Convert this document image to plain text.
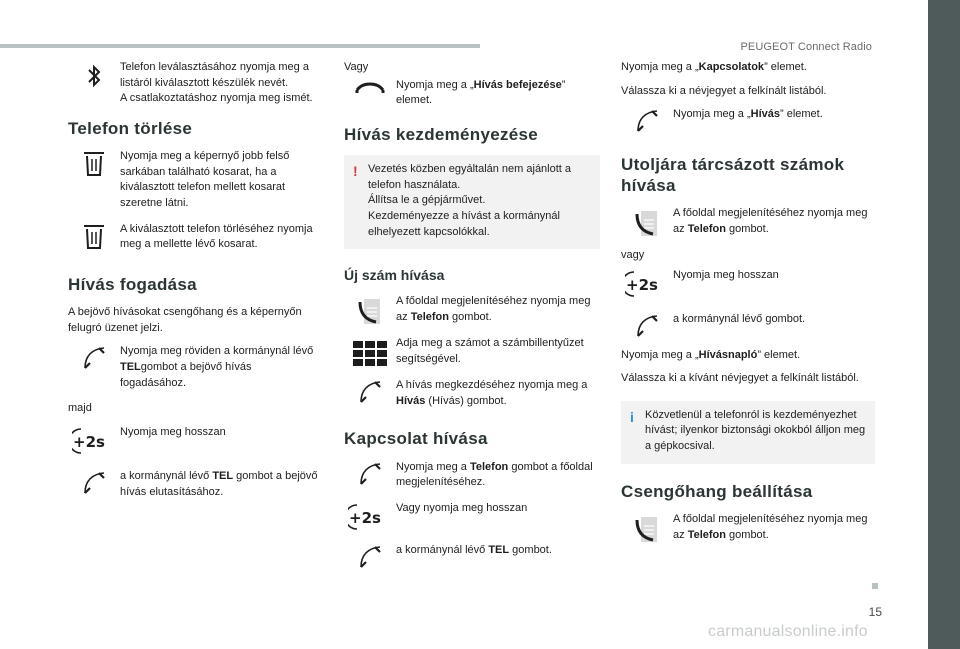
PEUGEOT Connect Radio
15
carmanualsonline.info
Telefon leválasztásához nyomja meg a listáról kiválasztott készülék nevét.
A csatlakoztatáshoz nyomja meg ismét.
Telefon törlése
Nyomja meg a képernyő jobb felső sarkában található kosarat, ha a kiválasztott telefon mellett kosarat szeretne látni.
A kiválasztott telefon törléséhez nyomja meg a mellette lévő kosarat.
Hívás fogadása

A bejövő hívásokat csengőhang és a képernyőn felugró üzenet jelzi.

Nyomja meg röviden a kormánynál lévő TELgombot a bejövő hívás fogadásához.

majd

+2s
Nyomja meg hosszan
a kormánynál lévő TEL gombot a bejövő hívás elutasításához.

Vagy

Nyomja meg a „Hívás befejezése” elemet.
Hívás kezdeményezése
! Vezetés közben egyáltalán nem ajánlott a telefon használata.
Állítsa le a gépjárművet.
Kezdeményezze a hívást a kormánynál elhelyezett kapcsolókkal.
Új szám hívása
A főoldal megjelenítéséhez nyomja meg az Telefon gombot.
Adja meg a számot a számbillentyűzet segítségével.
A hívás megkezdéséhez nyomja meg a Hívás (Hívás) gombot.
Kapcsolat hívása
Nyomja meg a Telefon gombot a főoldal megjelenítéséhez.
+2s
Vagy nyomja meg hosszan
a kormánynál lévő TEL gombot.

Nyomja meg a „Kapcsolatok” elemet.

Válassza ki a névjegyet a felkínált listából.

Nyomja meg a „Hívás” elemet.
Utoljára tárcsázott számok hívása
A főoldal megjelenítéséhez nyomja meg az Telefon gombot.

vagy

+2s
Nyomja meg hosszan
a kormánynál lévő gombot.

Nyomja meg a „Hívásnapló” elemet.

Válassza ki a kívánt névjegyet a felkínált listából.

i Közvetlenül a telefonról is kezdeményezhet hívást; ilyenkor biztonsági okokból álljon meg a gépkocsival.
Csengőhang beállítása
A főoldal megjelenítéséhez nyomja meg az Telefon gombot.
